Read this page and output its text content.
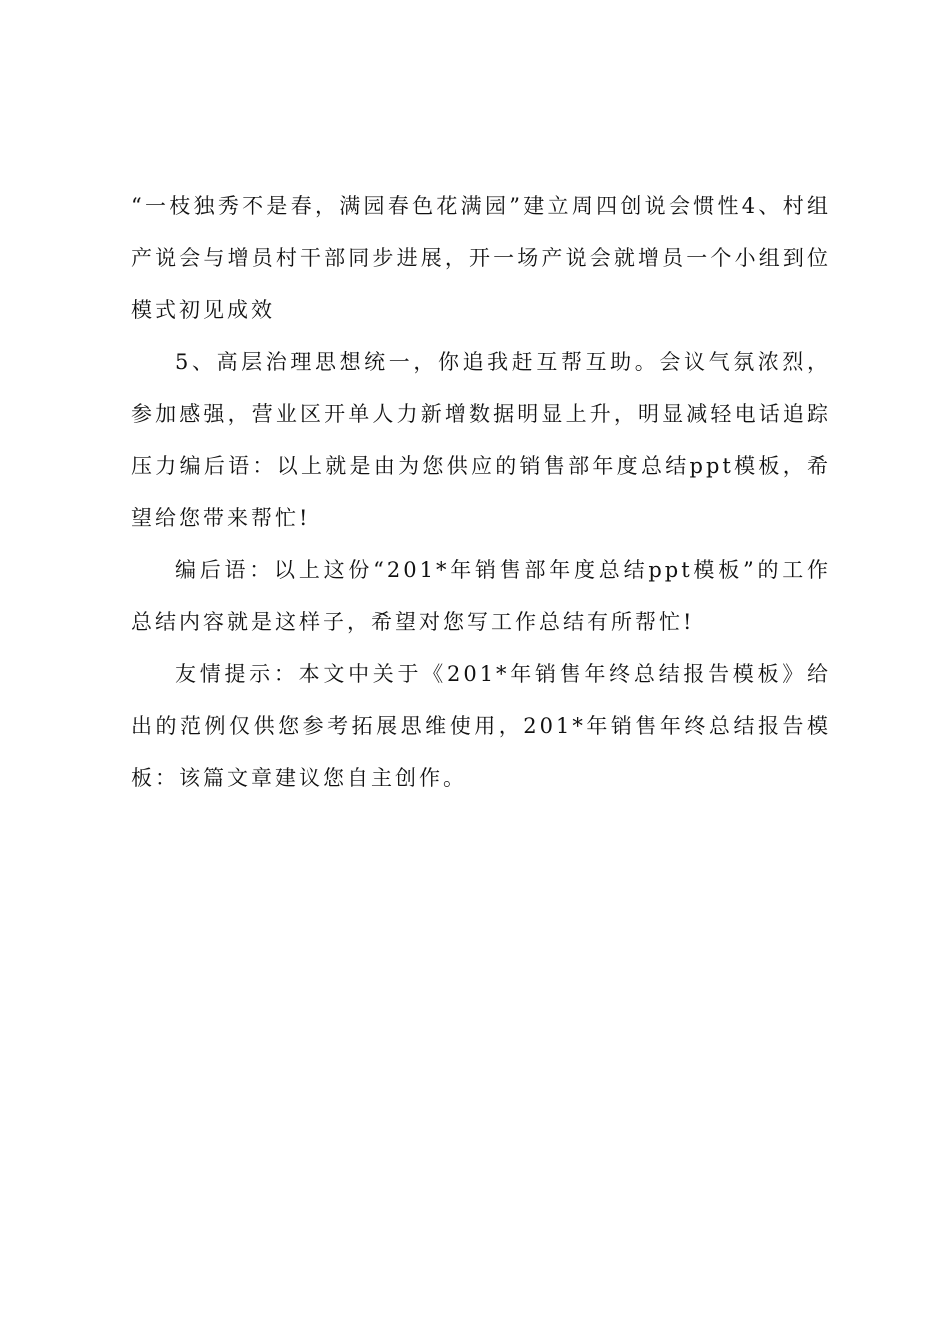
“一枝独秀不是春，满园春色花满园”建立周四创说会惯性4、村组产说会与增员村干部同步进展，开一场产说会就增员一个小组到位模式初见成效

5、高层治理思想统一，你追我赶互帮互助。会议气氛浓烈，参加感强，营业区开单人力新增数据明显上升，明显减轻电话追踪压力编后语：以上就是由为您供应的销售部年度总结ppt模板，希望给您带来帮忙!

编后语：以上这份“201*年销售部年度总结ppt模板”的工作总结内容就是这样子，希望对您写工作总结有所帮忙!

友情提示：本文中关于《201*年销售年终总结报告模板》给出的范例仅供您参考拓展思维使用，201*年销售年终总结报告模板：该篇文章建议您自主创作。
